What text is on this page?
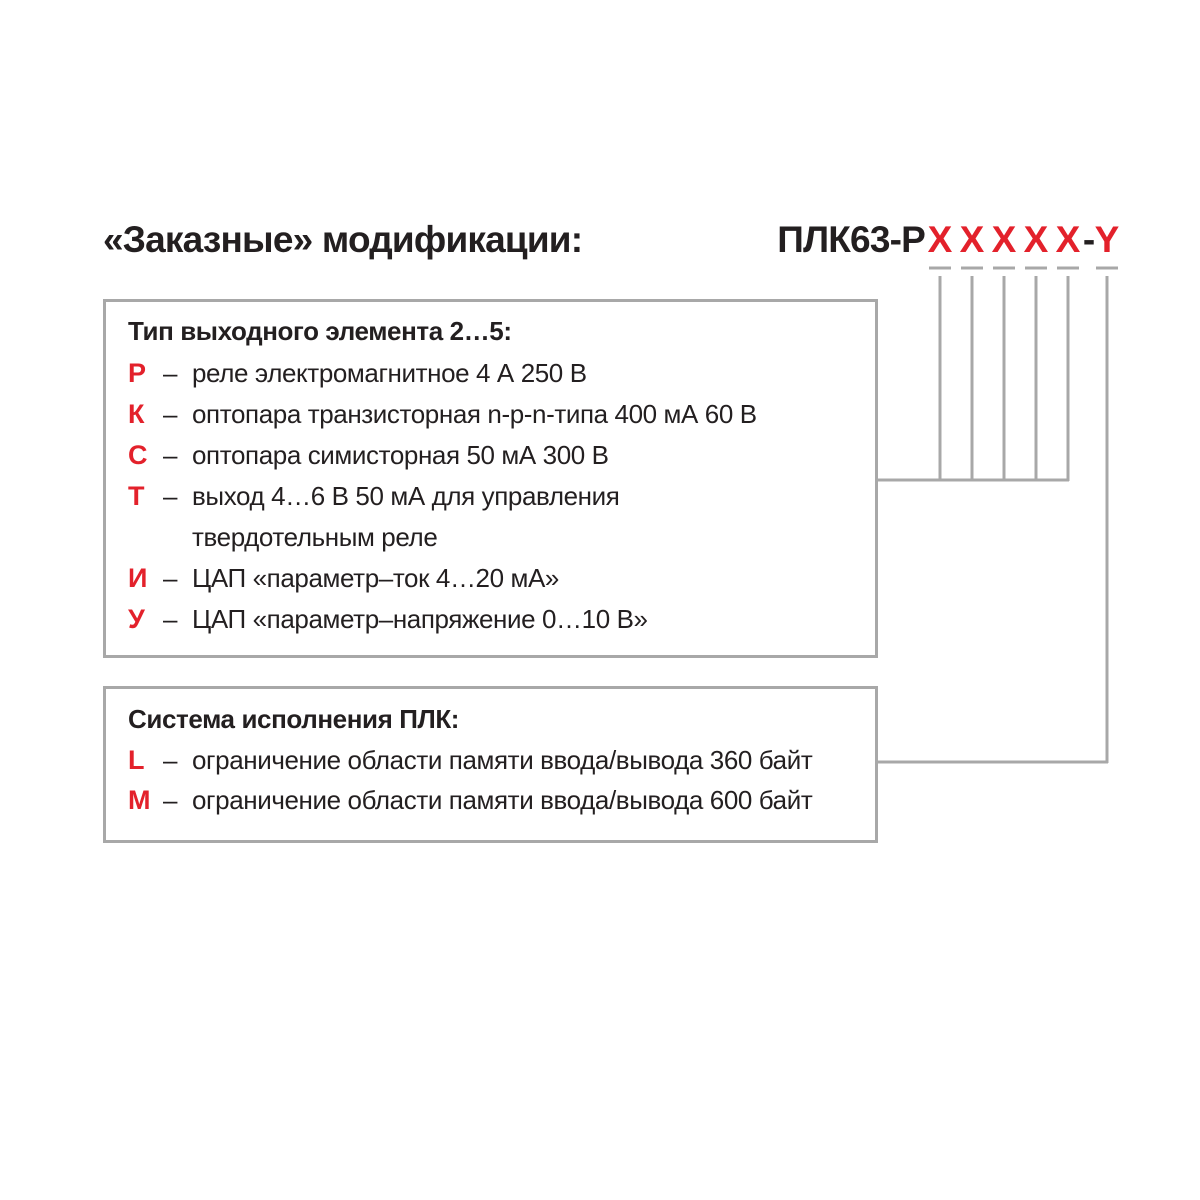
«Заказные» модификации:	ПЛК63-Р X X X X X - Y
Тип выходного элемента 2…5:
Р – реле электромагнитное 4 А 250 В
К – оптопара транзисторная n-p-n-типа 400 мА 60 В
С – оптопара симисторная 50 мА 300 В
Т – выход 4…6 В 50 мА для управления
твердотельным реле
И – ЦАП «параметр–ток 4…20 мА»
У – ЦАП «параметр–напряжение 0…10 В»
Система исполнения ПЛК:
L – ограничение области памяти ввода/вывода 360 байт
M – ограничение области памяти ввода/вывода 600 байт
